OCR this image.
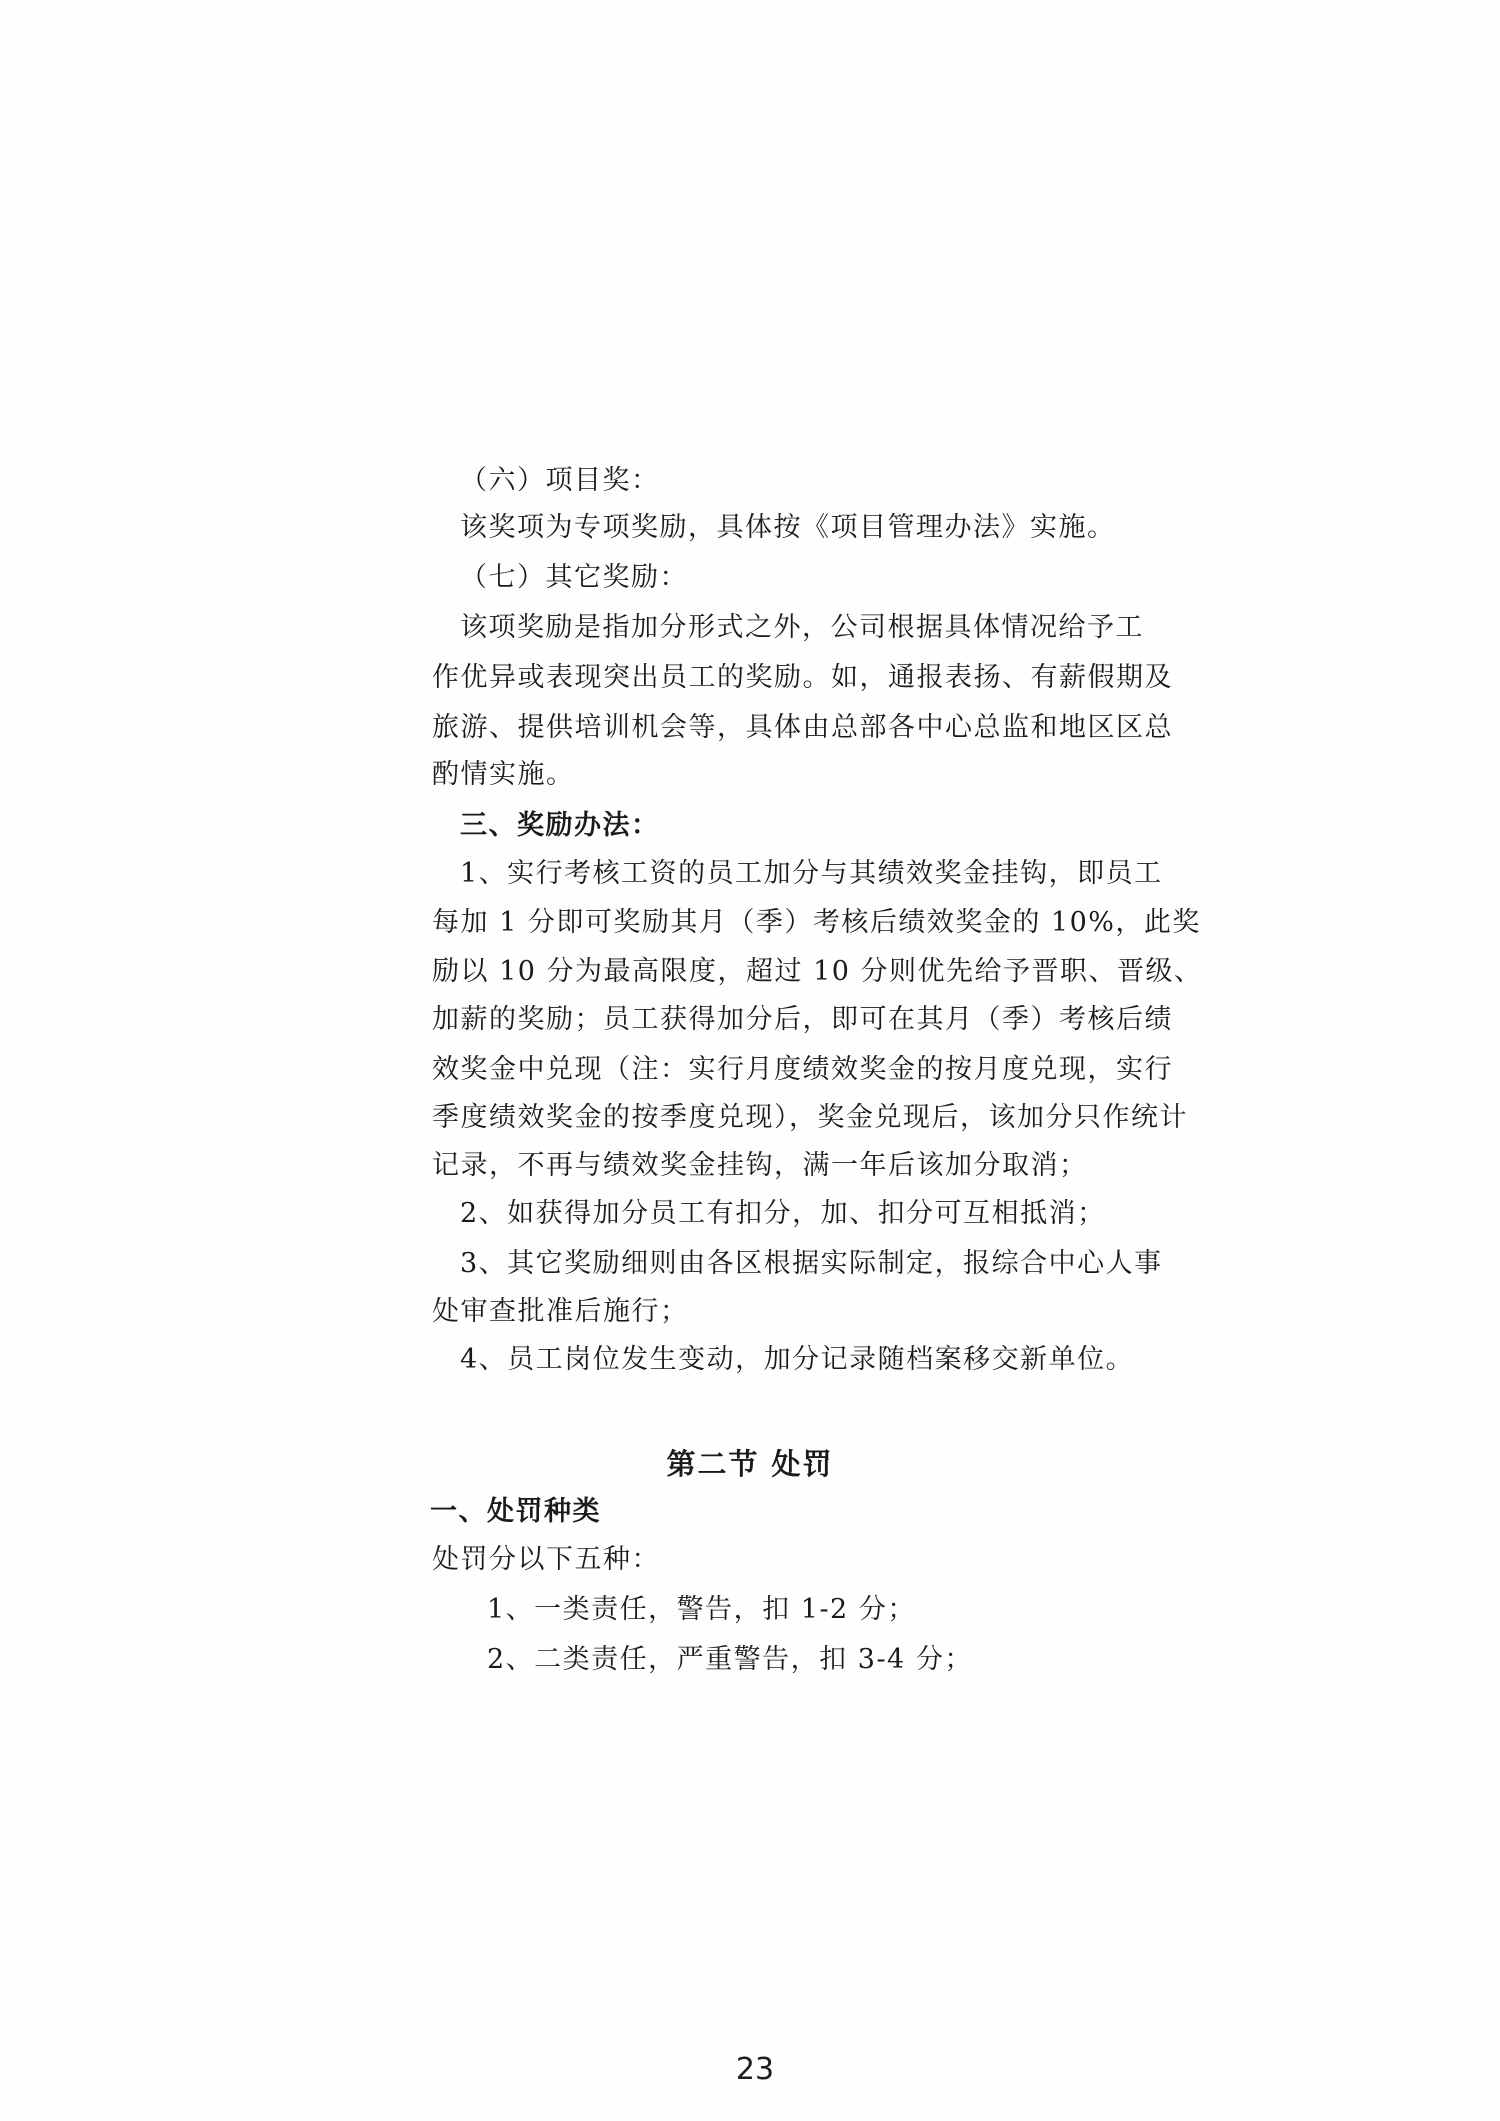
（六）项目奖：
该奖项为专项奖励，具体按《项目管理办法》实施。
（七）其它奖励：
该项奖励是指加分形式之外，公司根据具体情况给予工
作优异或表现突出员工的奖励。如，通报表扬、有薪假期及
旅游、提供培训机会等，具体由总部各中心总监和地区区总
酌情实施。
三、奖励办法：
1、实行考核工资的员工加分与其绩效奖金挂钩，即员工
每加 1 分即可奖励其月（季）考核后绩效奖金的 10%，此奖
励以 10 分为最高限度，超过 10 分则优先给予晋职、晋级、
加薪的奖励；员工获得加分后，即可在其月（季）考核后绩
效奖金中兑现（注：实行月度绩效奖金的按月度兑现，实行
季度绩效奖金的按季度兑现），奖金兑现后，该加分只作统计
记录，不再与绩效奖金挂钩，满一年后该加分取消；
2、如获得加分员工有扣分，加、扣分可互相抵消；
3、其它奖励细则由各区根据实际制定，报综合中心人事
处审查批准后施行；
4、员工岗位发生变动，加分记录随档案移交新单位。
第二节 处罚
一、处罚种类
处罚分以下五种：
1、一类责任，警告，扣 1-2 分；
2、二类责任，严重警告，扣 3-4 分；
23
